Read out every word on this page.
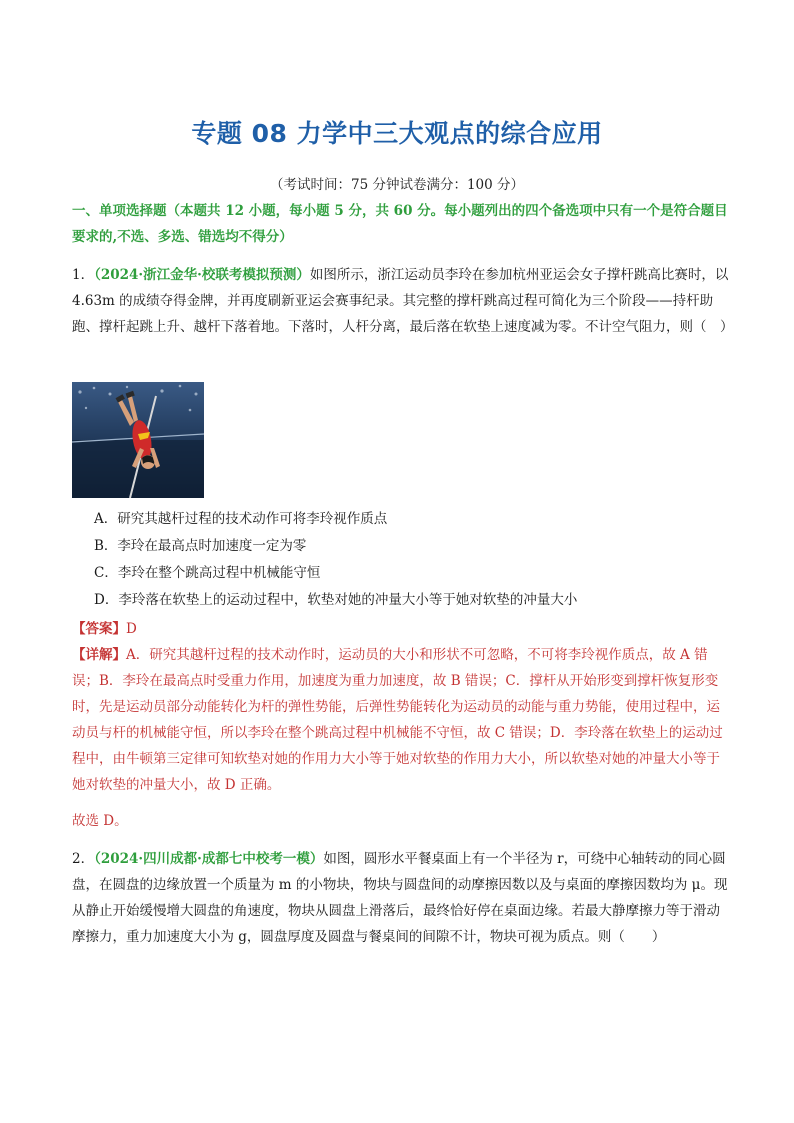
专题 08 力学中三大观点的综合应用
（考试时间：75 分钟试卷满分：100 分）
一、单项选择题（本题共 12 小题，每小题 5 分，共 60 分。每小题列出的四个备选项中只有一个是符合题目要求的,不选、多选、错选均不得分）
1．（2024·浙江金华·校联考模拟预测）如图所示，浙江运动员李玲在参加杭州亚运会女子撑杆跳高比赛时，以 4.63m 的成绩夺得金牌，并再度刷新亚运会赛事纪录。其完整的撑杆跳高过程可简化为三个阶段——持杆助跑、撑杆起跳上升、越杆下落着地。下落时，人杆分离，最后落在软垫上速度减为零。不计空气阻力，则（　）
A．研究其越杆过程的技术动作可将李玲视作质点
B．李玲在最高点时加速度一定为零
C．李玲在整个跳高过程中机械能守恒
D．李玲落在软垫上的运动过程中，软垫对她的冲量大小等于她对软垫的冲量大小
【答案】D
【详解】A．研究其越杆过程的技术动作时，运动员的大小和形状不可忽略，不可将李玲视作质点，故 A 错误；B．李玲在最高点时受重力作用，加速度为重力加速度，故 B 错误；C．撑杆从开始形变到撑杆恢复形变时，先是运动员部分动能转化为杆的弹性势能，后弹性势能转化为运动员的动能与重力势能，使用过程中，运动员与杆的机械能守恒，所以李玲在整个跳高过程中机械能不守恒，故 C 错误；D．李玲落在软垫上的运动过程中，由牛顿第三定律可知软垫对她的作用力大小等于她对软垫的作用力大小，所以软垫对她的冲量大小等于她对软垫的冲量大小，故 D 正确。
故选 D。
2．（2024·四川成都·成都七中校考一模）如图，圆形水平餐桌面上有一个半径为 r，可绕中心轴转动的同心圆盘，在圆盘的边缘放置一个质量为 m 的小物块，物块与圆盘间的动摩擦因数以及与桌面的摩擦因数均为 μ。现从静止开始缓慢增大圆盘的角速度，物块从圆盘上滑落后，最终恰好停在桌面边缘。若最大静摩擦力等于滑动摩擦力，重力加速度大小为 g，圆盘厚度及圆盘与餐桌间的间隙不计，物块可视为质点。则（　　）
